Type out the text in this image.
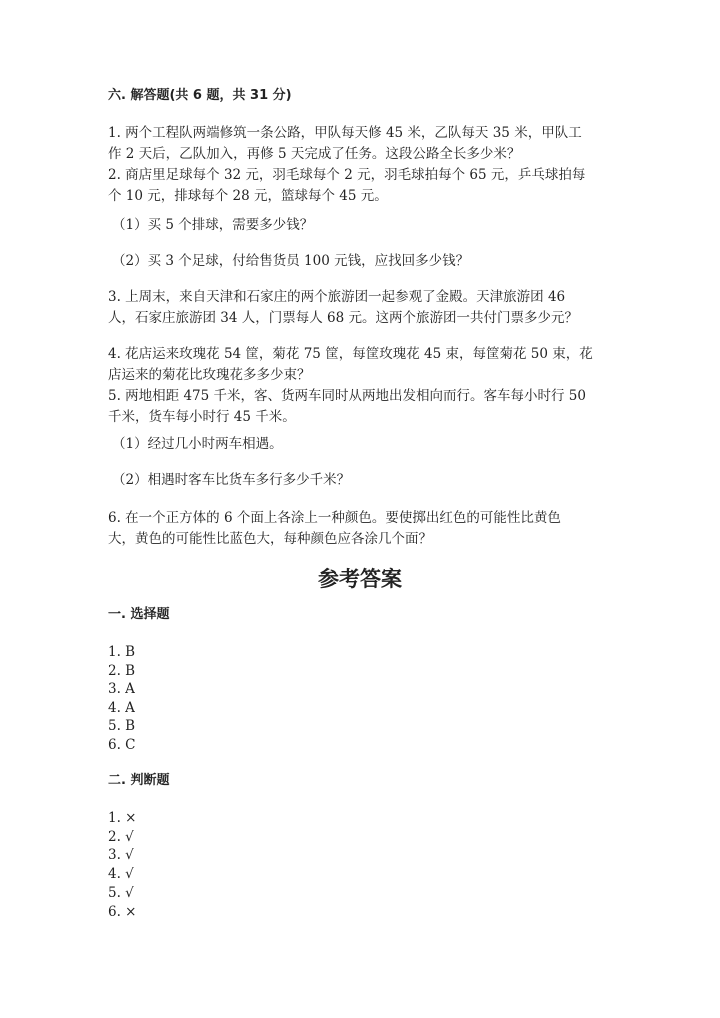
六. 解答题(共 6 题，共 31 分)
1. 两个工程队两端修筑一条公路，甲队每天修 45 米，乙队每天 35 米，甲队工
作 2 天后，乙队加入，再修 5 天完成了任务。这段公路全长多少米？
2. 商店里足球每个 32 元，羽毛球每个 2 元，羽毛球拍每个 65 元，乒乓球拍每
个 10 元，排球每个 28 元，篮球每个 45 元。
（1）买 5 个排球，需要多少钱？
（2）买 3 个足球，付给售货员 100 元钱，应找回多少钱？
3. 上周末，来自天津和石家庄的两个旅游团一起参观了金殿。天津旅游团 46
人，石家庄旅游团 34 人，门票每人 68 元。这两个旅游团一共付门票多少元？
4. 花店运来玫瑰花 54 筐，菊花 75 筐，每筐玫瑰花 45 束，每筐菊花 50 束，花
店运来的菊花比玫瑰花多多少束？
5. 两地相距 475 千米，客、货两车同时从两地出发相向而行。客车每小时行 50
千米，货车每小时行 45 千米。
（1）经过几小时两车相遇。
（2）相遇时客车比货车多行多少千米？
6. 在一个正方体的 6 个面上各涂上一种颜色。要使掷出红色的可能性比黄色
大，黄色的可能性比蓝色大，每种颜色应各涂几个面？
参考答案
一. 选择题
1. B
2. B
3. A
4. A
5. B
6. C
二. 判断题
1. ×
2. √
3. √
4. √
5. √
6. ×
